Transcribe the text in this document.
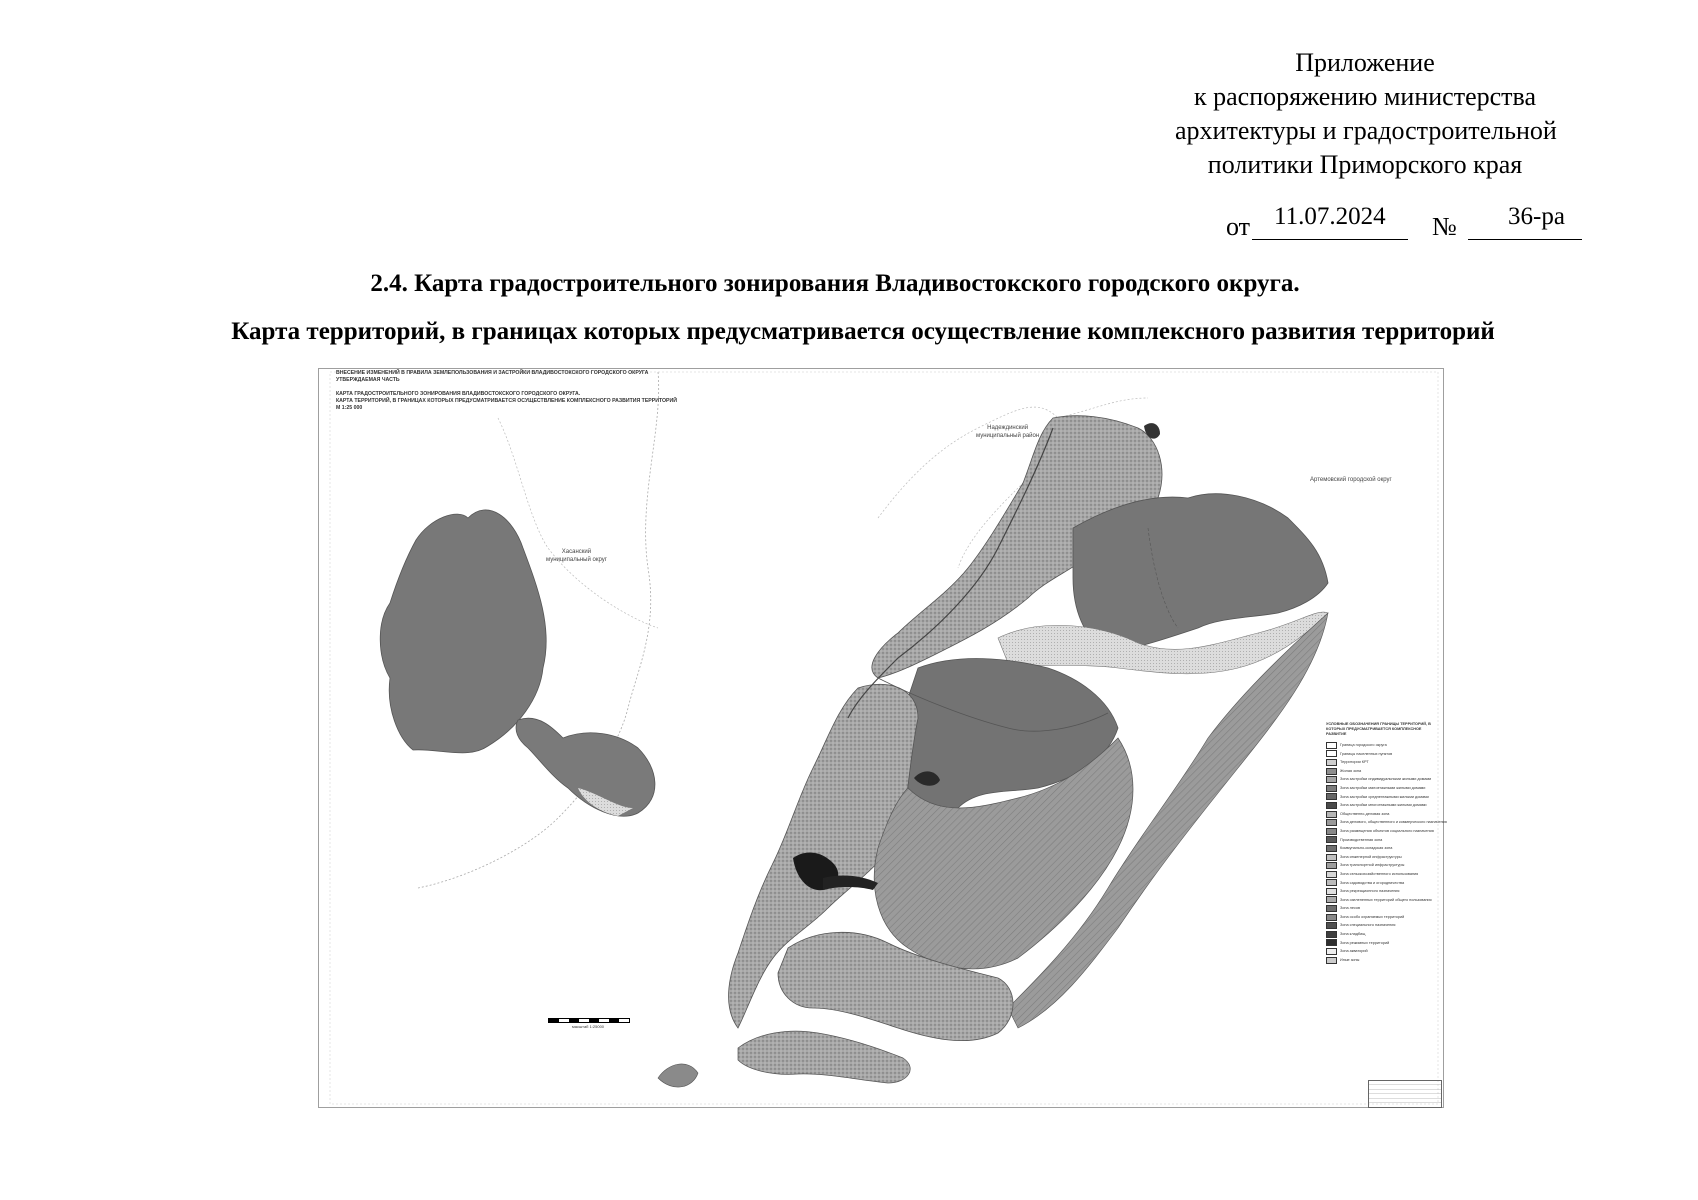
Приложение
к распоряжению министерства
архитектуры и градостроительной
политики Приморского края
от 11.07.2024 № 36-ра
2.4. Карта градостроительного зонирования Владивостокского городского округа.
Карта территорий, в границах которых предусматривается осуществление комплексного развития территорий
ВНЕСЕНИЕ ИЗМЕНЕНИЙ В ПРАВИЛА ЗЕМЛЕПОЛЬЗОВАНИЯ И ЗАСТРОЙКИ ВЛАДИВОСТОКСКОГО ГОРОДСКОГО ОКРУГА
УТВЕРЖДАЕМАЯ ЧАСТЬ

КАРТА ГРАДОСТРОИТЕЛЬНОГО ЗОНИРОВАНИЯ ВЛАДИВОСТОКСКОГО ГОРОДСКОГО ОКРУГА.
КАРТА ТЕРРИТОРИЙ, В ГРАНИЦАХ КОТОРЫХ ПРЕДУСМАТРИВАЕТСЯ ОСУЩЕСТВЛЕНИЕ КОМПЛЕКСНОГО РАЗВИТИЯ ТЕРРИТОРИЙ
М 1:25 000
Надеждинский
муниципальный район
Артемовский городской округ
Хасанский
муниципальный округ
масштаб 1:25000
УСЛОВНЫЕ ОБОЗНАЧЕНИЯ ГРАНИЦЫ ТЕРРИТОРИЙ, В КОТОРЫХ ПРЕДУСМАТРИВАЕТСЯ КОМПЛЕКСНОЕ РАЗВИТИЕ
Граница городского округа
Границы населенных пунктов
Территории КРТ
Жилая зона
Зона застройки индивидуальными жилыми домами
Зона застройки малоэтажными жилыми домами
Зона застройки среднеэтажными жилыми домами
Зона застройки многоэтажными жилыми домами
Общественно-деловая зона
Зона делового, общественного и коммерческого назначения
Зона размещения объектов социального назначения
Производственная зона
Коммунально-складская зона
Зона инженерной инфраструктуры
Зона транспортной инфраструктуры
Зона сельскохозяйственного использования
Зона садоводства и огородничества
Зона рекреационного назначения
Зона озелененных территорий общего пользования
Зона лесов
Зона особо охраняемых территорий
Зона специального назначения
Зона кладбищ
Зона режимных территорий
Зона акваторий
Иные зоны
